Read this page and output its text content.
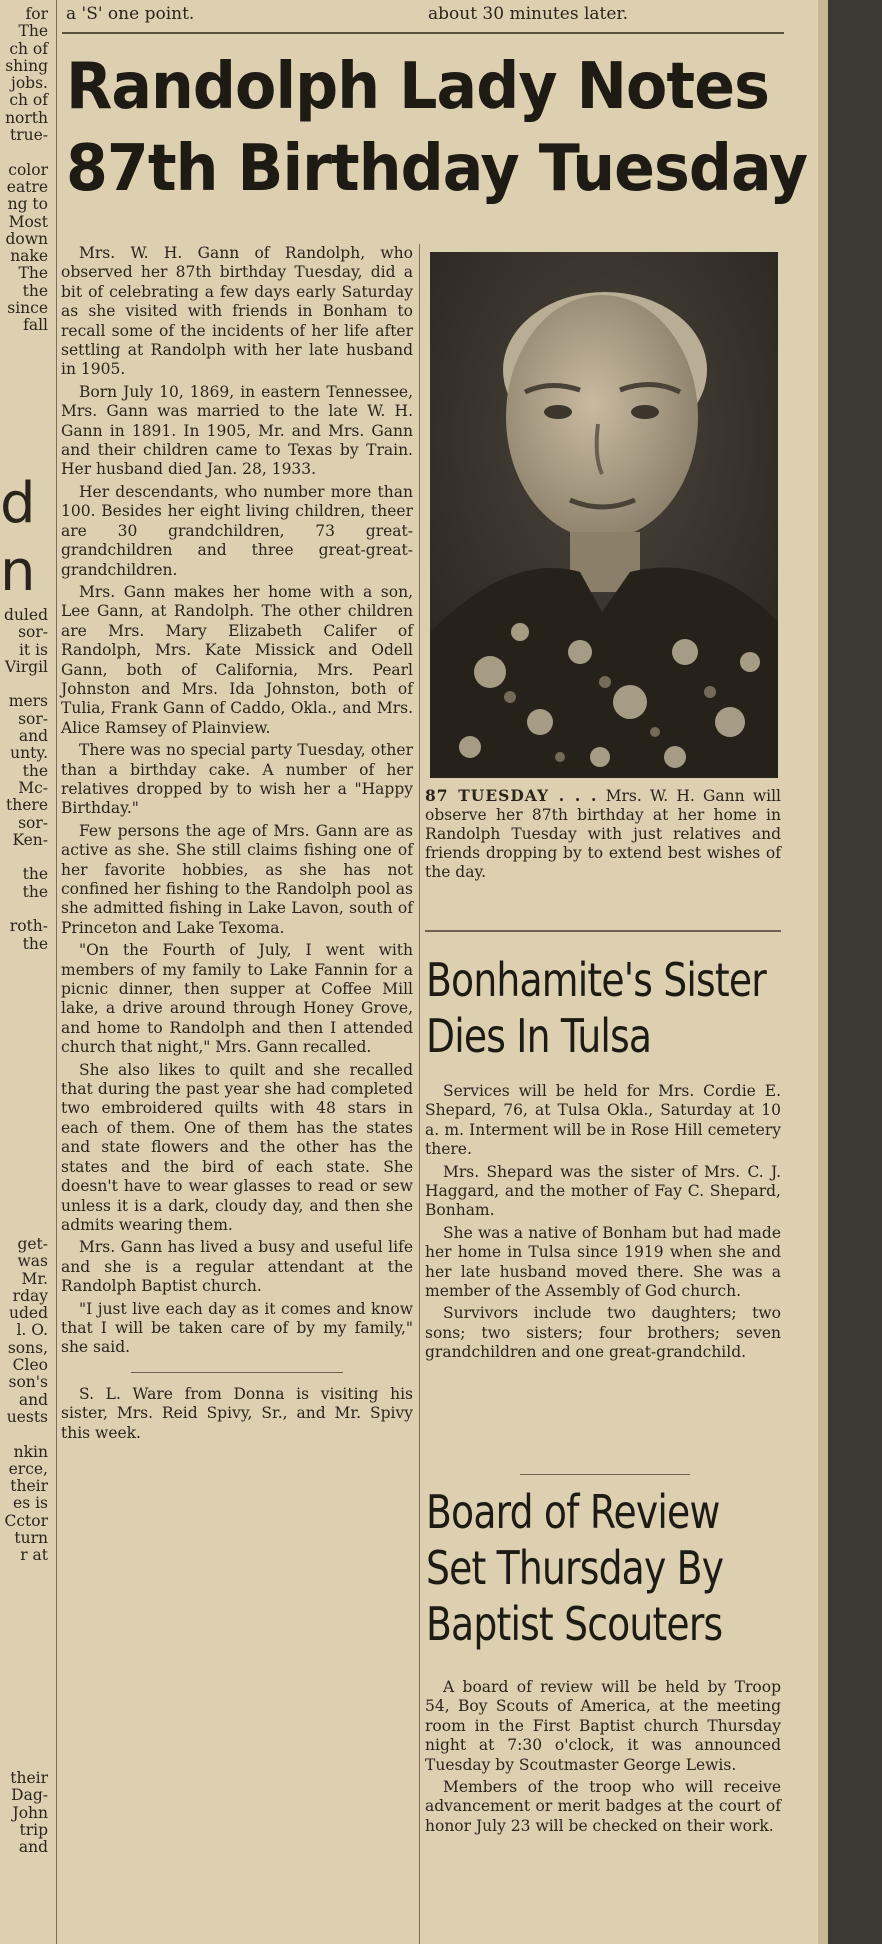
a 'S' one point.	about 30 minutes later.
for
The
ch of
shing
jobs.
ch of
north
true-

color
eatre
ng to
Most
down
nake
The
the
since
fall
d
n
duled
sor-
it is
Virgil

mers
sor-
and
unty.
the
Mc-
there
sor-
Ken-

the
the

roth-
the
get-
was
Mr.
rday
uded
l. O.
sons,
Cleo
son's
and
uests

nkin
erce,
their
es is
Cctor
turn
r at
their
Dag-
John
trip
and
Randolph Lady Notes
87th Birthday Tuesday

Mrs. W. H. Gann of Randolph, who observed her 87th birthday Tuesday, did a bit of celebrating a few days early Saturday as she visited with friends in Bonham to recall some of the incidents of her life after settling at Randolph with her late husband in 1905.

Born July 10, 1869, in eastern Tennessee, Mrs. Gann was married to the late W. H. Gann in 1891. In 1905, Mr. and Mrs. Gann and their children came to Texas by Train. Her husband died Jan. 28, 1933.

Her descendants, who number more than 100. Besides her eight living children, theer are 30 grandchildren, 73 great-grandchildren and three great-great-grandchildren.

Mrs. Gann makes her home with a son, Lee Gann, at Randolph. The other children are Mrs. Mary Elizabeth Califer of Randolph, Mrs. Kate Missick and Odell Gann, both of California, Mrs. Pearl Johnston and Mrs. Ida Johnston, both of Tulia, Frank Gann of Caddo, Okla., and Mrs. Alice Ramsey of Plainview.

There was no special party Tuesday, other than a birthday cake. A number of her relatives dropped by to wish her a "Happy Birthday."

Few persons the age of Mrs. Gann are as active as she. She still claims fishing one of her favorite hobbies, as she has not confined her fishing to the Randolph pool as she admitted fishing in Lake Lavon, south of Princeton and Lake Texoma.

"On the Fourth of July, I went with members of my family to Lake Fannin for a picnic dinner, then supper at Coffee Mill lake, a drive around through Honey Grove, and home to Randolph and then I attended church that night," Mrs. Gann recalled.

She also likes to quilt and she recalled that during the past year she had completed two embroidered quilts with 48 stars in each of them. One of them has the states and state flowers and the other has the states and the bird of each state. She doesn't have to wear glasses to read or sew unless it is a dark, cloudy day, and then she admits wearing them.

Mrs. Gann has lived a busy and useful life and she is a regular attendant at the Randolph Baptist church.

"I just live each day as it comes and know that I will be taken care of by my family," she said.

S. L. Ware from Donna is visiting his sister, Mrs. Reid Spivy, Sr., and Mr. Spivy this week.

87 TUESDAY . . . Mrs. W. H. Gann will observe her 87th birthday at her home in Randolph Tuesday with just relatives and friends dropping by to extend best wishes of the day.
Bonhamite's Sister
Dies In Tulsa

Services will be held for Mrs. Cordie E. Shepard, 76, at Tulsa Okla., Saturday at 10 a. m. Interment will be in Rose Hill cemetery there.

Mrs. Shepard was the sister of Mrs. C. J. Haggard, and the mother of Fay C. Shepard, Bonham.

She was a native of Bonham but had made her home in Tulsa since 1919 when she and her late husband moved there. She was a member of the Assembly of God church.

Survivors include two daughters; two sons; two sisters; four brothers; seven grandchildren and one great-grandchild.

Board of Review
Set Thursday By
Baptist Scouters

A board of review will be held by Troop 54, Boy Scouts of America, at the meeting room in the First Baptist church Thursday night at 7:30 o'clock, it was announced Tuesday by Scoutmaster George Lewis.

Members of the troop who will receive advancement or merit badges at the court of honor July 23 will be checked on their work.
